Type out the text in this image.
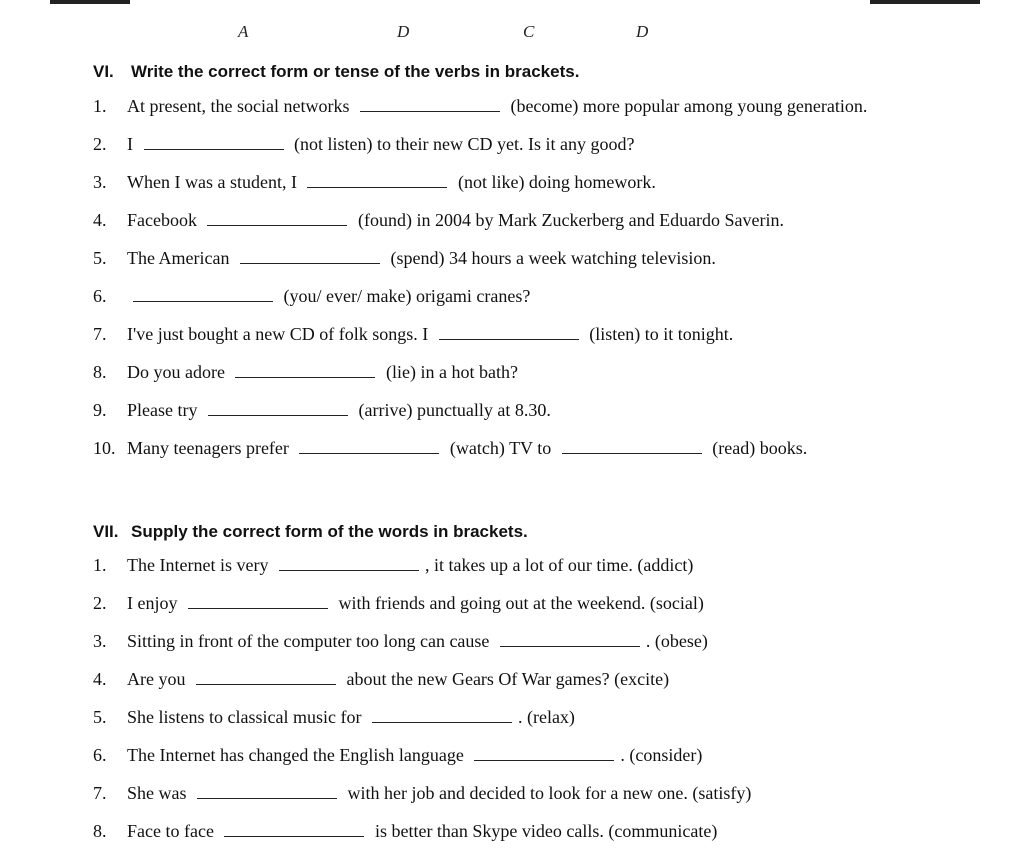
A	D	C	D
VI. Write the correct form or tense of the verbs in brackets.
1.	At present, the social networks	(become) more popular among young generation.
2.	I	(not listen) to their new CD yet. Is it any good?
3.	When I was a student, I	(not like) doing homework.
4.	Facebook	(found) in 2004 by Mark Zuckerberg and Eduardo Saverin.
5.	The American	(spend) 34 hours a week watching television.
6.	(you/ ever/ make) origami cranes?
7.	I've just bought a new CD of folk songs. I	(listen) to it tonight.
8.	Do you adore	(lie) in a hot bath?
9.	Please try	(arrive) punctually at 8.30.
10. Many teenagers prefer	(watch) TV to	(read) books.
VII. Supply the correct form of the words in brackets.
1.	The Internet is very	, it takes up a lot of our time. (addict)
2.	I enjoy	with friends and going out at the weekend. (social)
3.	Sitting in front of the computer too long can cause	. (obese)
4.	Are you	about the new Gears Of War games? (excite)
5.	She listens to classical music for	. (relax)
6.	The Internet has changed the English language	. (consider)
7.	She was	with her job and decided to look for a new one. (satisfy)
8.	Face to face	is better than Skype video calls. (communicate)
